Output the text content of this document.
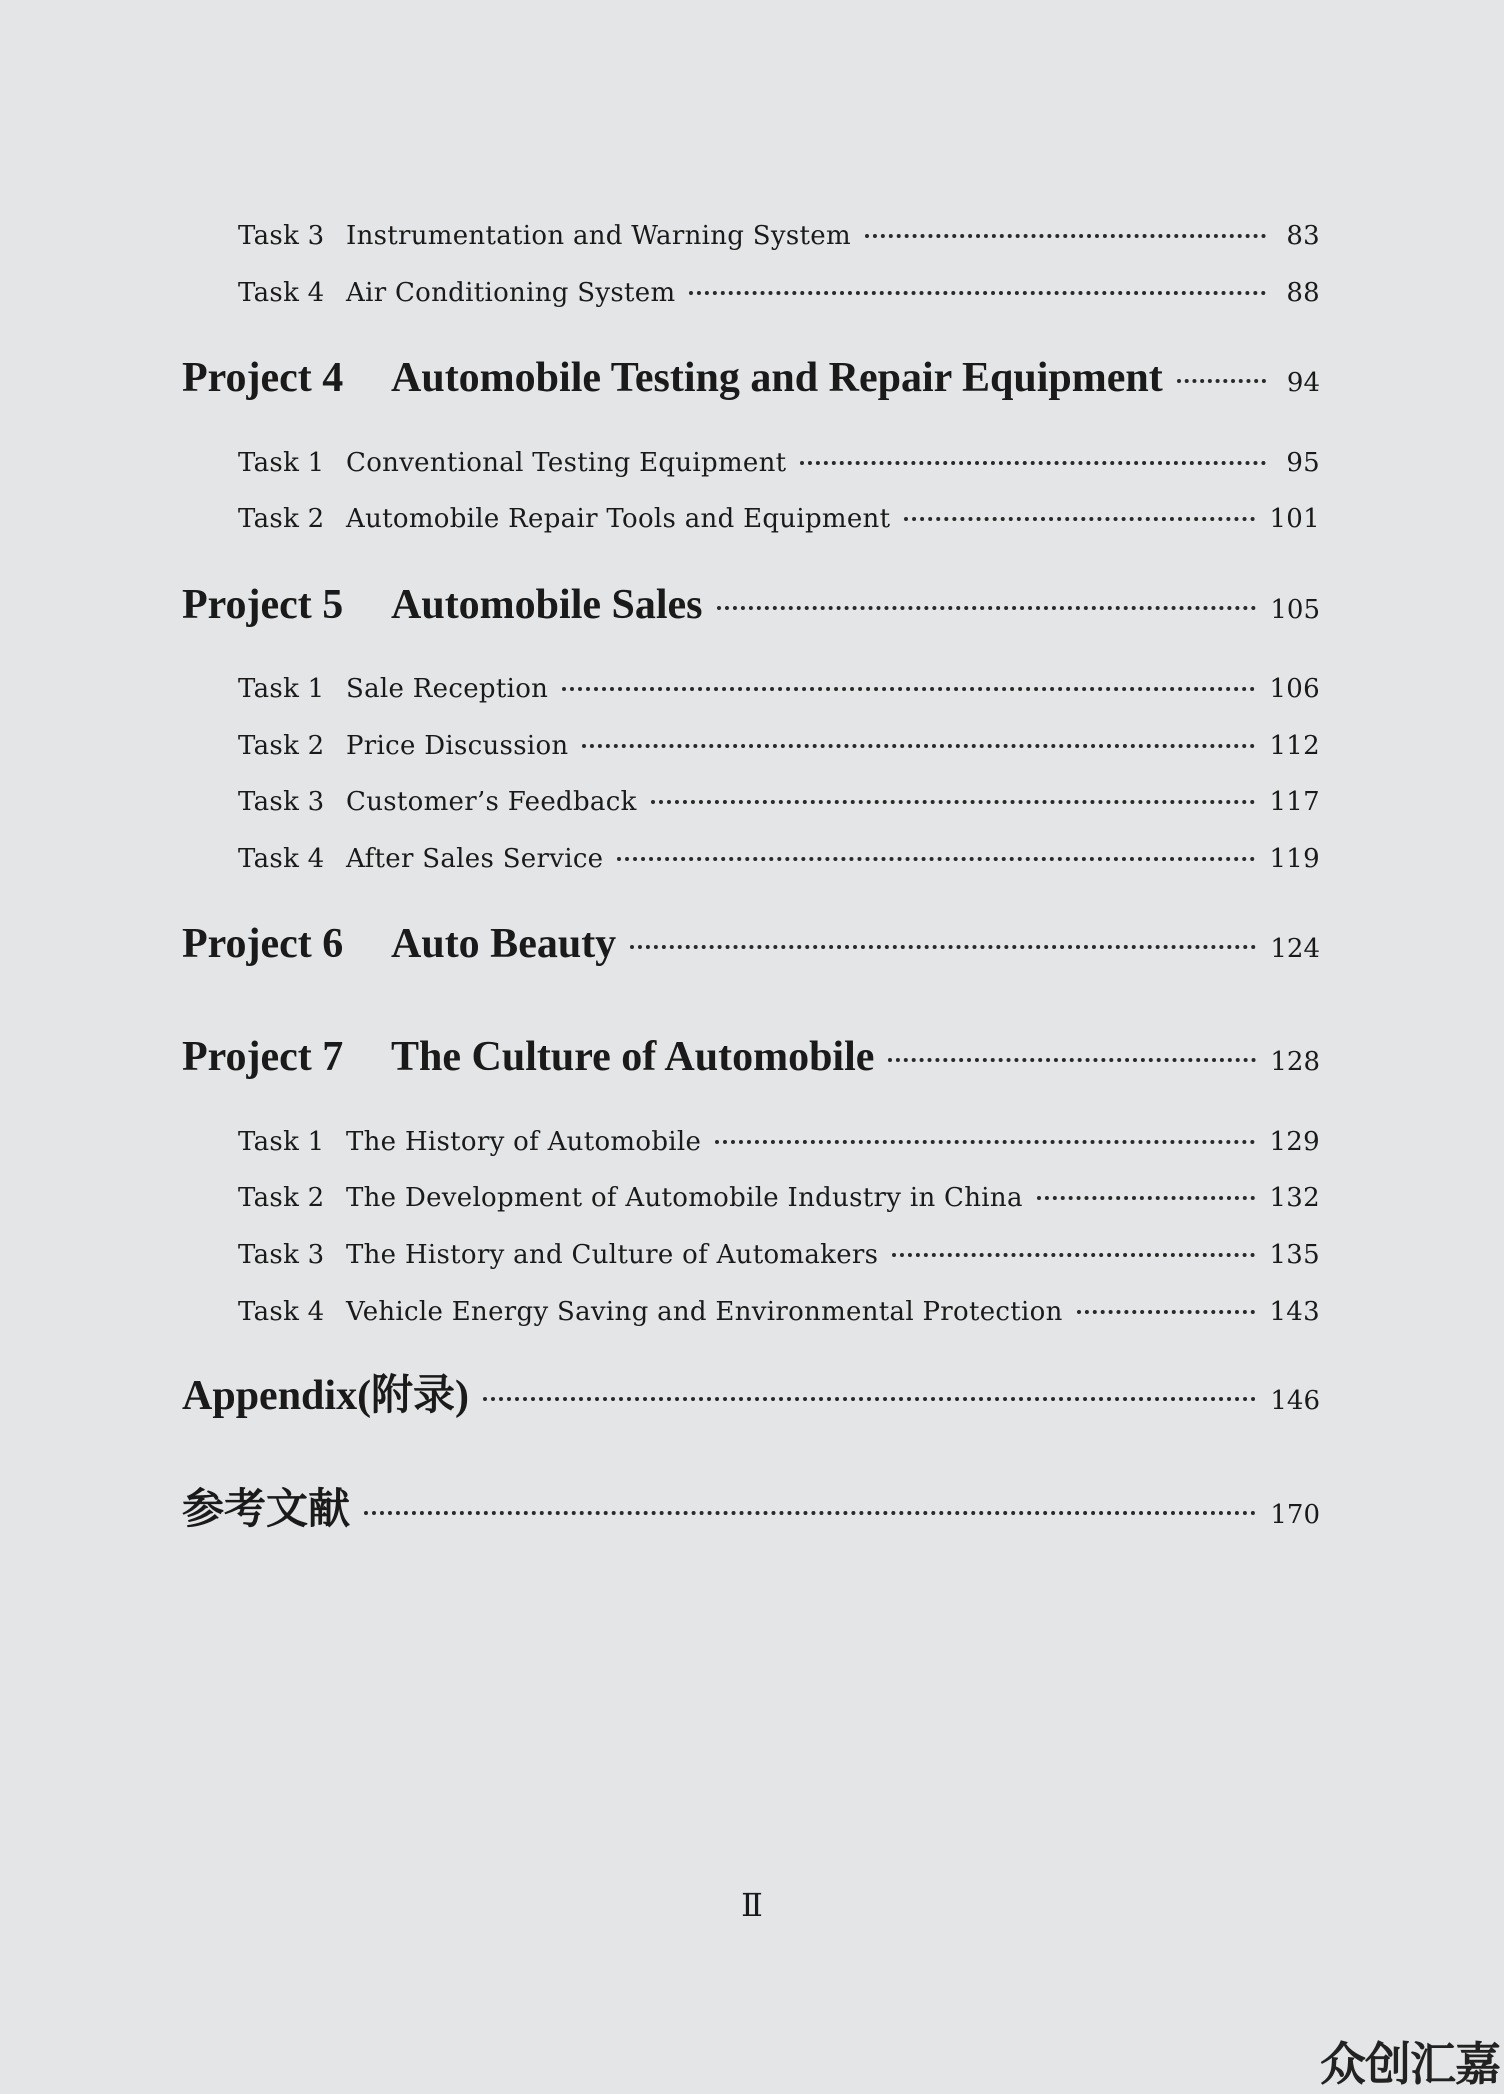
Task 3 Instrumentation and Warning System	83
Task 4 Air Conditioning System	88
Project 4	Automobile Testing and Repair Equipment	94
Task 1 Conventional Testing Equipment	95
Task 2 Automobile Repair Tools and Equipment	101
Project 5	Automobile Sales	105
Task 1 Sale Reception	106
Task 2 Price Discussion	112
Task 3 Customer’s Feedback	117
Task 4 After Sales Service	119
Project 6	Auto Beauty	124
Project 7	The Culture of Automobile	128
Task 1 The History of Automobile	129
Task 2 The Development of Automobile Industry in China	132
Task 3 The History and Culture of Automakers	135
Task 4 Vehicle Energy Saving and Environmental Protection	143
Appendix(附录)	146
参考文献	170
Ⅱ
众创汇嘉
